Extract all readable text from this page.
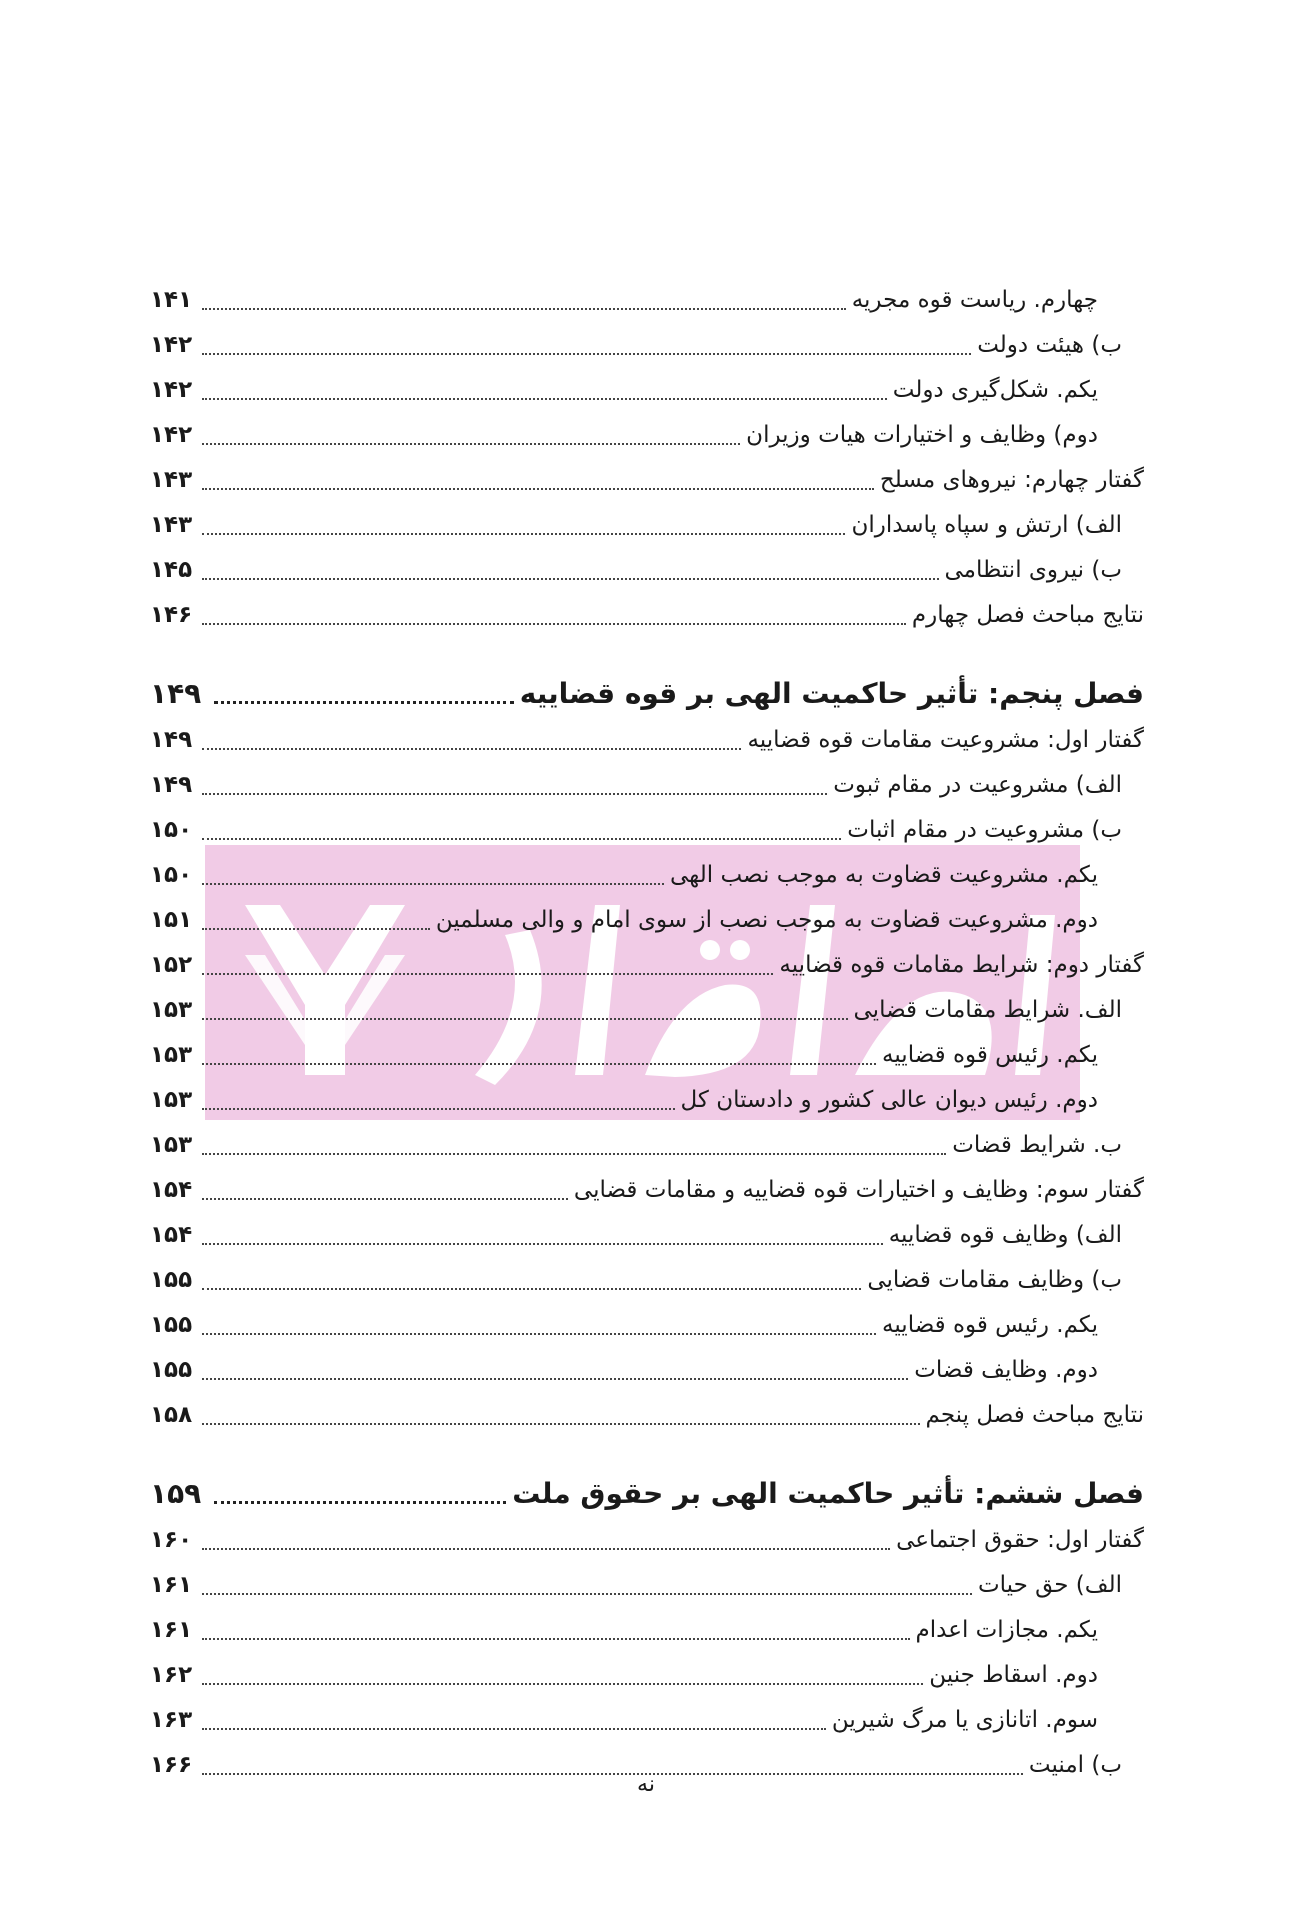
چهارم. ریاست قوه مجریه
۱۴۱
ب) هیئت دولت
۱۴۲
یکم. شکل‌گیری دولت
۱۴۲
دوم) وظایف و اختیارات هیات وزیران
۱۴۲
گفتار چهارم: نیروهای مسلح
۱۴۳
الف) ارتش و سپاه پاسداران
۱۴۳
ب) نیروی انتظامی
۱۴۵
نتایج مباحث فصل چهارم
۱۴۶
فصل پنجم: تأثیر حاکمیت الهی بر قوه قضاییه
۱۴۹
گفتار اول: مشروعیت مقامات قوه قضاییه
۱۴۹
الف) مشروعیت در مقام ثبوت
۱۴۹
ب) مشروعیت در مقام اثبات
۱۵۰
یکم. مشروعیت قضاوت به موجب نصب الهی
۱۵۰
دوم. مشروعیت قضاوت به موجب نصب از سوی امام و والی مسلمین
۱۵۱
گفتار دوم: شرایط مقامات قوه قضاییه
۱۵۲
الف. شرایط مقامات قضایی
۱۵۳
یکم. رئیس قوه قضاییه
۱۵۳
دوم. رئیس دیوان عالی کشور و دادستان کل
۱۵۳
ب. شرایط قضات
۱۵۳
گفتار سوم: وظایف و اختیارات قوه قضاییه و مقامات قضایی
۱۵۴
الف) وظایف قوه قضاییه
۱۵۴
ب) وظایف مقامات قضایی
۱۵۵
یکم. رئیس قوه قضاییه
۱۵۵
دوم. وظایف قضات
۱۵۵
نتایج مباحث فصل پنجم
۱۵۸
فصل ششم: تأثیر حاکمیت الهی بر حقوق ملت
۱۵۹
گفتار اول: حقوق اجتماعی
۱۶۰
الف) حق حیات
۱۶۱
یکم. مجازات اعدام
۱۶۱
دوم. اسقاط جنین
۱۶۲
سوم. اتانازی یا مرگ شیرین
۱۶۳
ب) امنیت
۱۶۶
نه
